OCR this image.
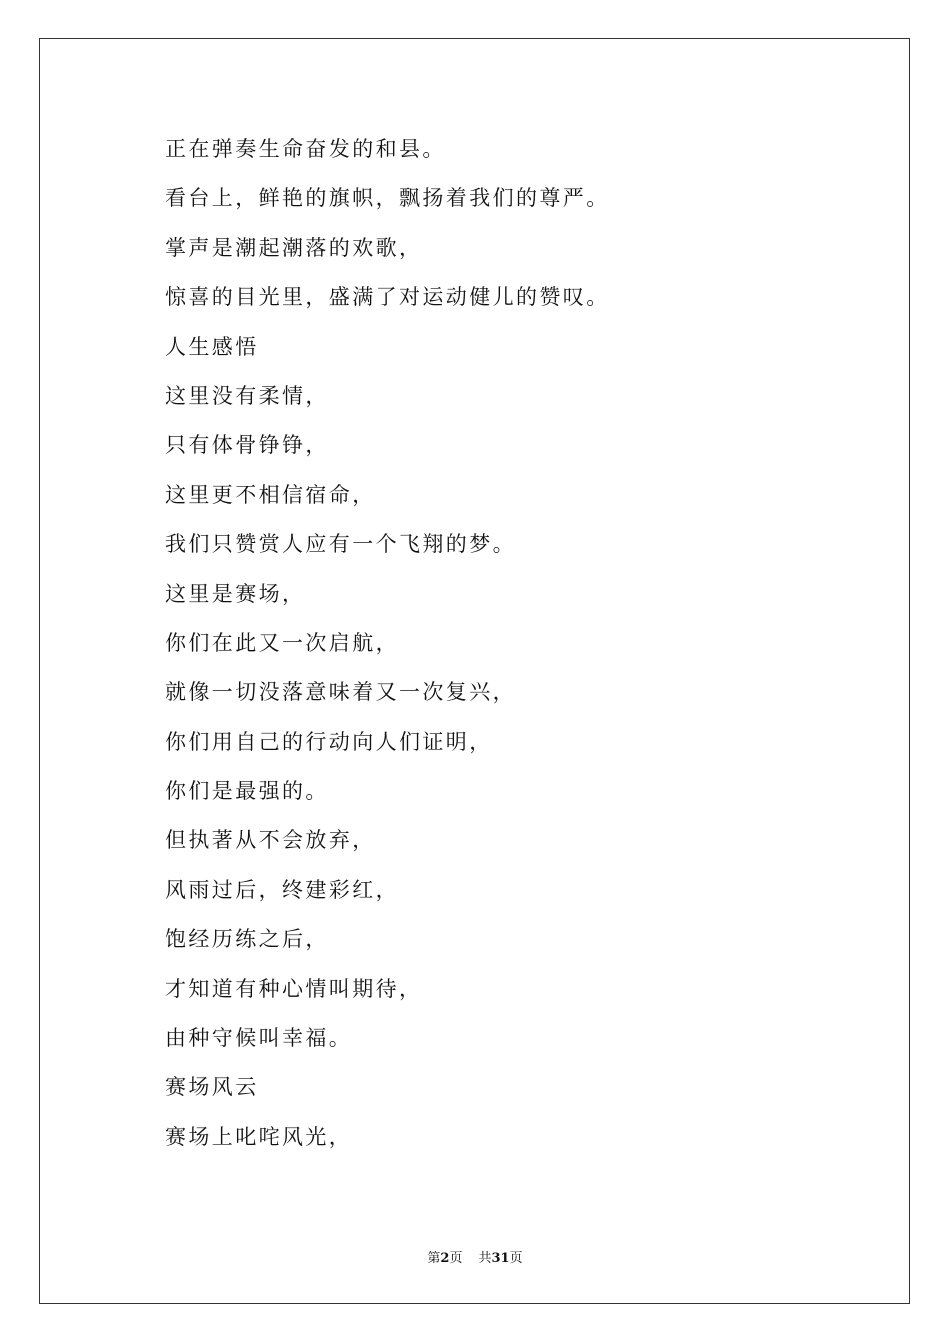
正在弹奏生命奋发的和县。
看台上，鲜艳的旗帜，飘扬着我们的尊严。
掌声是潮起潮落的欢歌，
惊喜的目光里，盛满了对运动健儿的赞叹。
人生感悟
这里没有柔情，
只有体骨铮铮，
这里更不相信宿命，
我们只赞赏人应有一个飞翔的梦。
这里是赛场，
你们在此又一次启航，
就像一切没落意味着又一次复兴，
你们用自己的行动向人们证明，
你们是最强的。
但执著从不会放弃，
风雨过后，终建彩红，
饱经历练之后，
才知道有种心情叫期待，
由种守候叫幸福。
赛场风云
赛场上叱咤风光，
第2页 共31页
